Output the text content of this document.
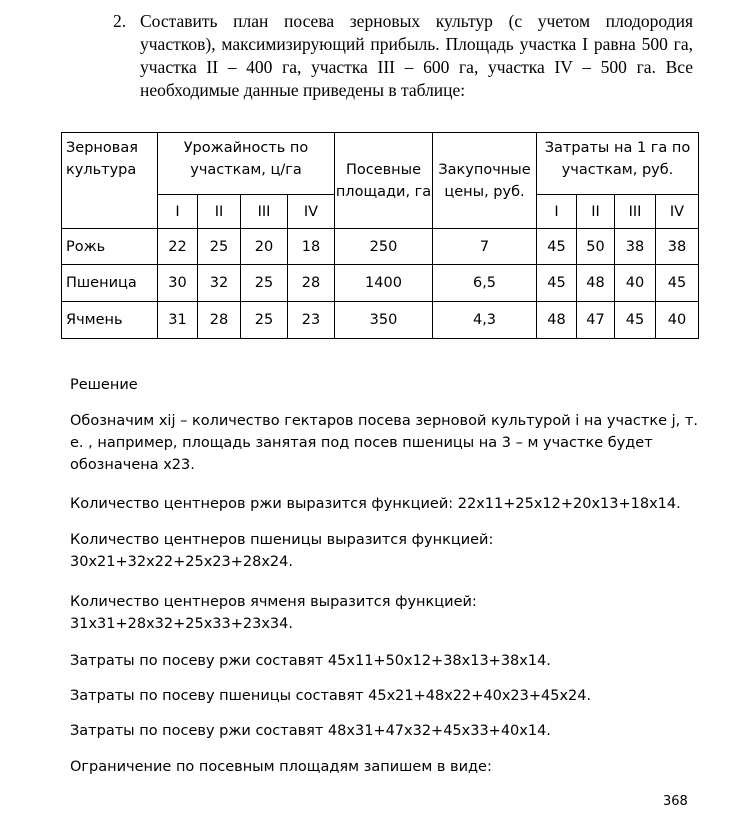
2. Составить план посева зерновых культур (с учетом плодородия участков), максимизирующий прибыль. Площадь участка I равна 500 га, участка II – 400 га, участка III – 600 га, участка IV – 500 га. Все необходимые данные приведены в таблице:
Зерновая культура	Урожайность по участкам, ц/га				Посевные площади, га	Закупочные цены, руб.	Затраты на 1 га по участкам, руб.			
	I	II	III	IV			I	II	III	IV
Рожь	22	25	20	18	250	7	45	50	38	38
Пшеница	30	32	25	28	1400	6,5	45	48	40	45
Ячмень	31	28	25	23	350	4,3	48	47	45	40
Решение
Обозначим xij – количество гектаров посева зерновой культурой i на участке j, т. е. , например, площадь занятая под посев пшеницы на 3 – м участке будет обозначена х23.
Количество центнеров ржи выразится функцией: 22х11+25х12+20х13+18х14.
Количество центнеров пшеницы выразится функцией: 30х21+32х22+25х23+28х24.
Количество центнеров ячменя выразится функцией: 31х31+28х32+25х33+23х34.
Затраты по посеву ржи составят 45х11+50х12+38х13+38х14.
Затраты по посеву пшеницы составят 45х21+48х22+40х23+45х24.
Затраты по посеву ржи составят 48х31+47х32+45х33+40х14.
Ограничение по посевным площадям запишем в виде:
368
